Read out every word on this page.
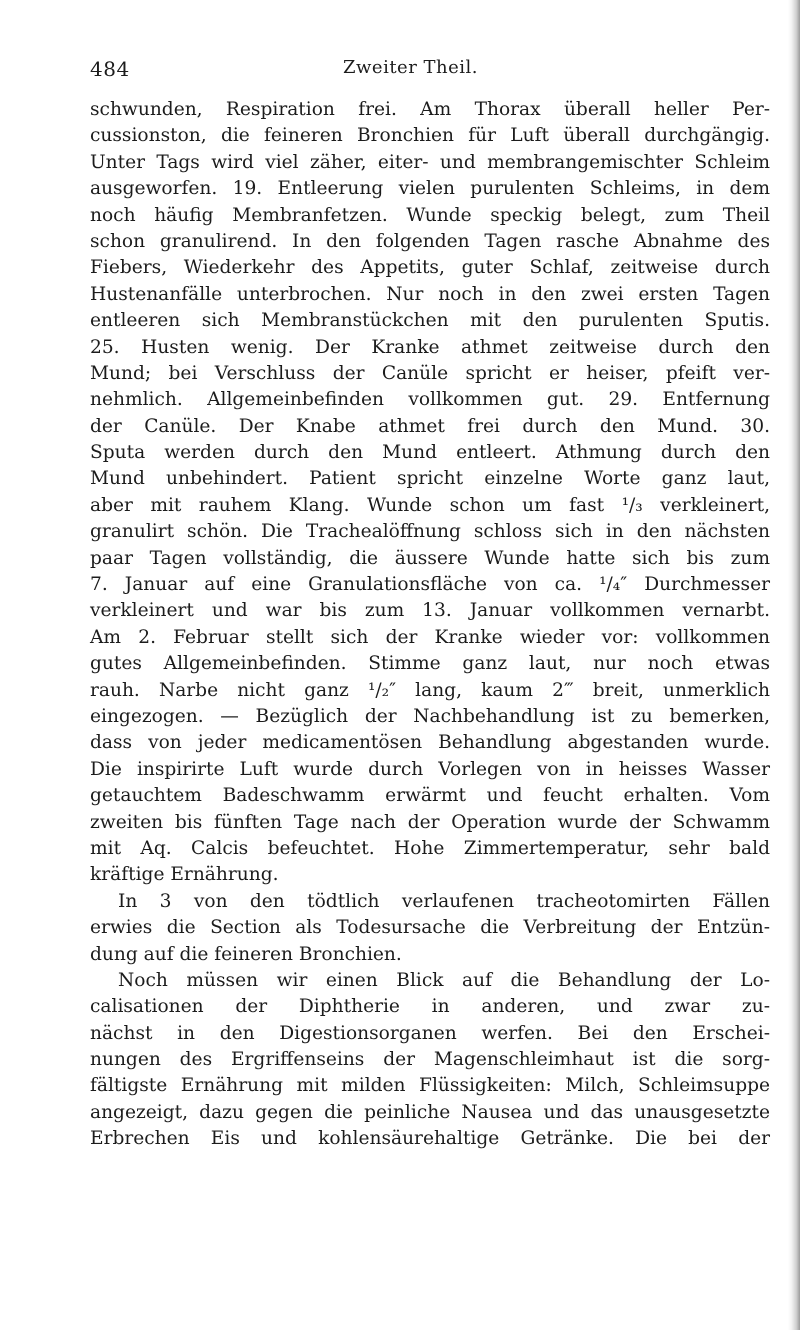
484	Zweiter Theil.
schwunden, Respiration frei. Am Thorax überall heller Per-
cussionston, die feineren Bronchien für Luft überall durchgängig.
Unter Tags wird viel zäher, eiter- und membrangemischter Schleim
ausgeworfen. 19. Entleerung vielen purulenten Schleims, in dem
noch häufig Membranfetzen. Wunde speckig belegt, zum Theil
schon granulirend. In den folgenden Tagen rasche Abnahme des
Fiebers, Wiederkehr des Appetits, guter Schlaf, zeitweise durch
Hustenanfälle unterbrochen. Nur noch in den zwei ersten Tagen
entleeren sich Membranstückchen mit den purulenten Sputis.
25. Husten wenig. Der Kranke athmet zeitweise durch den
Mund; bei Verschluss der Canüle spricht er heiser, pfeift ver-
nehmlich. Allgemeinbefinden vollkommen gut. 29. Entfernung
der Canüle. Der Knabe athmet frei durch den Mund. 30.
Sputa werden durch den Mund entleert. Athmung durch den
Mund unbehindert. Patient spricht einzelne Worte ganz laut,
aber mit rauhem Klang. Wunde schon um fast ¹/₃ verkleinert,
granulirt schön. Die Trachealöffnung schloss sich in den nächsten
paar Tagen vollständig, die äussere Wunde hatte sich bis zum
7. Januar auf eine Granulationsfläche von ca. ¹/₄″ Durchmesser
verkleinert und war bis zum 13. Januar vollkommen vernarbt.
Am 2. Februar stellt sich der Kranke wieder vor: vollkommen
gutes Allgemeinbefinden. Stimme ganz laut, nur noch etwas
rauh. Narbe nicht ganz ¹/₂″ lang, kaum 2‴ breit, unmerklich
eingezogen. — Bezüglich der Nachbehandlung ist zu bemerken,
dass von jeder medicamentösen Behandlung abgestanden wurde.
Die inspirirte Luft wurde durch Vorlegen von in heisses Wasser
getauchtem Badeschwamm erwärmt und feucht erhalten. Vom
zweiten bis fünften Tage nach der Operation wurde der Schwamm
mit Aq. Calcis befeuchtet. Hohe Zimmertemperatur, sehr bald
kräftige Ernährung.
In 3 von den tödtlich verlaufenen tracheotomirten Fällen
erwies die Section als Todesursache die Verbreitung der Entzün-
dung auf die feineren Bronchien.
Noch müssen wir einen Blick auf die Behandlung der Lo-
calisationen der Diphtherie in anderen, und zwar zu-
nächst in den Digestionsorganen werfen. Bei den Erschei-
nungen des Ergriffenseins der Magenschleimhaut ist die sorg-
fältigste Ernährung mit milden Flüssigkeiten: Milch, Schleimsuppe
angezeigt, dazu gegen die peinliche Nausea und das unausgesetzte
Erbrechen Eis und kohlensäurehaltige Getränke. Die bei der
